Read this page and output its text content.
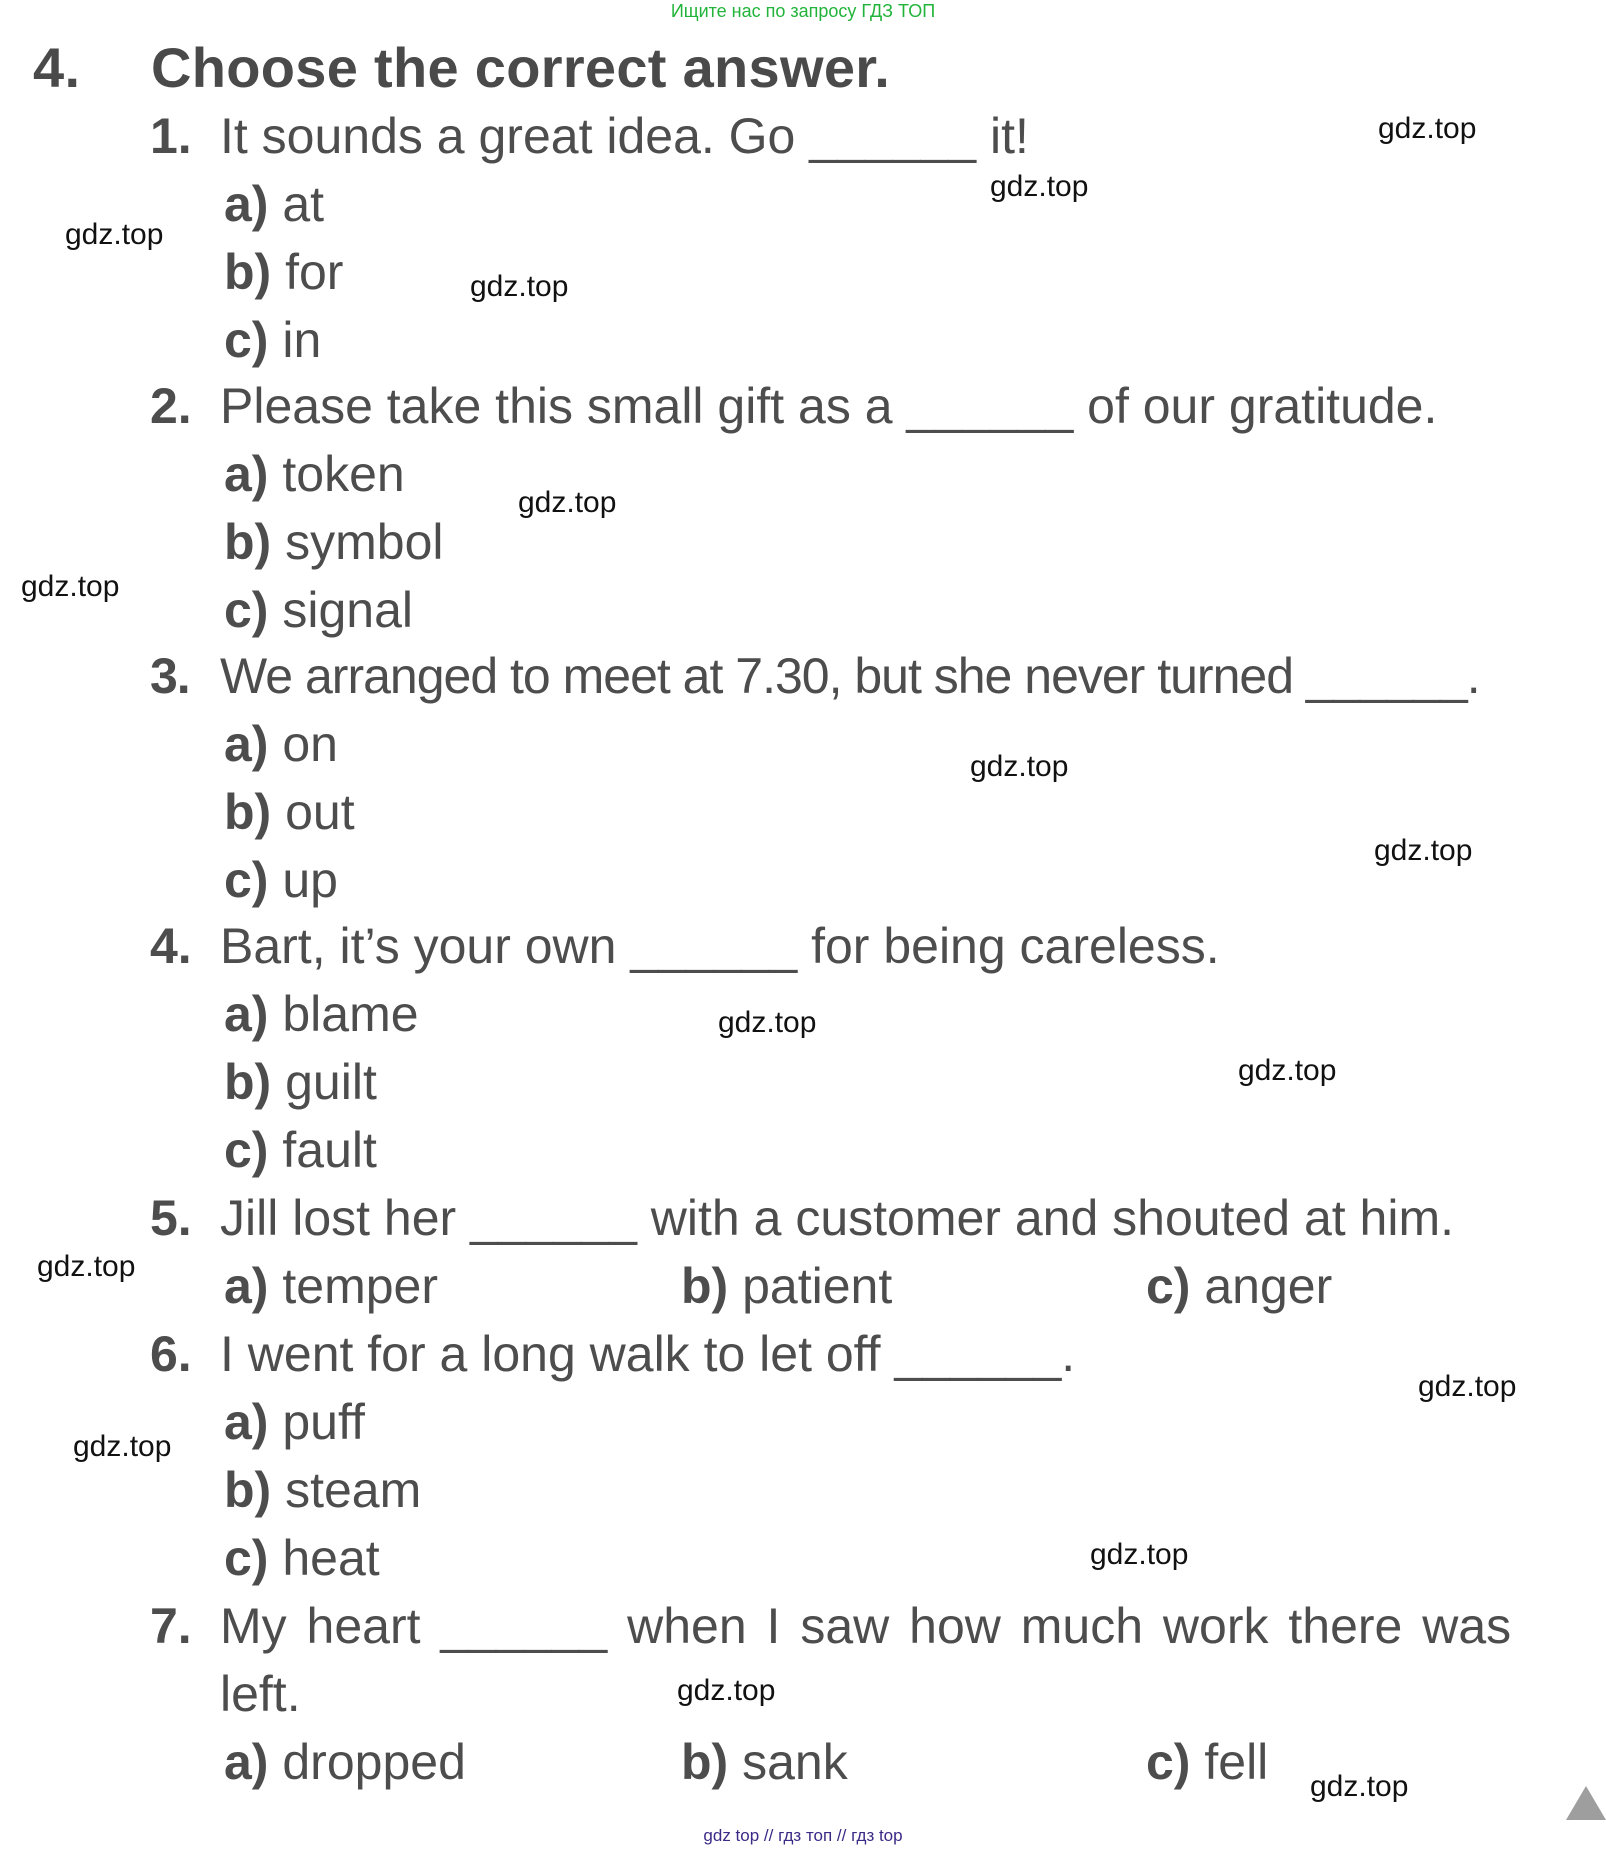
Ищите нас по запросу ГДЗ ТОП
4. Choose the correct answer.
1. It sounds a great idea. Go ______ it!
a) at
b) for
c) in
2. Please take this small gift as a ______ of our gratitude.
a) token
b) symbol
c) signal
3. We arranged to meet at 7.30, but she never turned ______.
a) on
b) out
c) up
4. Bart, it’s your own ______ for being careless.
a) blame
b) guilt
c) fault
5. Jill lost her ______ with a customer and shouted at him.
a) temper	b) patient	c) anger
6. I went for a long walk to let off ______.
a) puff
b) steam
c) heat
7. My heart ______ when I saw how much work there was
left.
a) dropped	b) sank	c) fell
gdz.top
gdz.top
gdz.top
gdz.top
gdz.top
gdz.top
gdz.top
gdz.top
gdz.top
gdz.top
gdz.top
gdz.top
gdz.top
gdz.top
gdz.top
gdz.top
gdz top // гдз топ // гдз top
